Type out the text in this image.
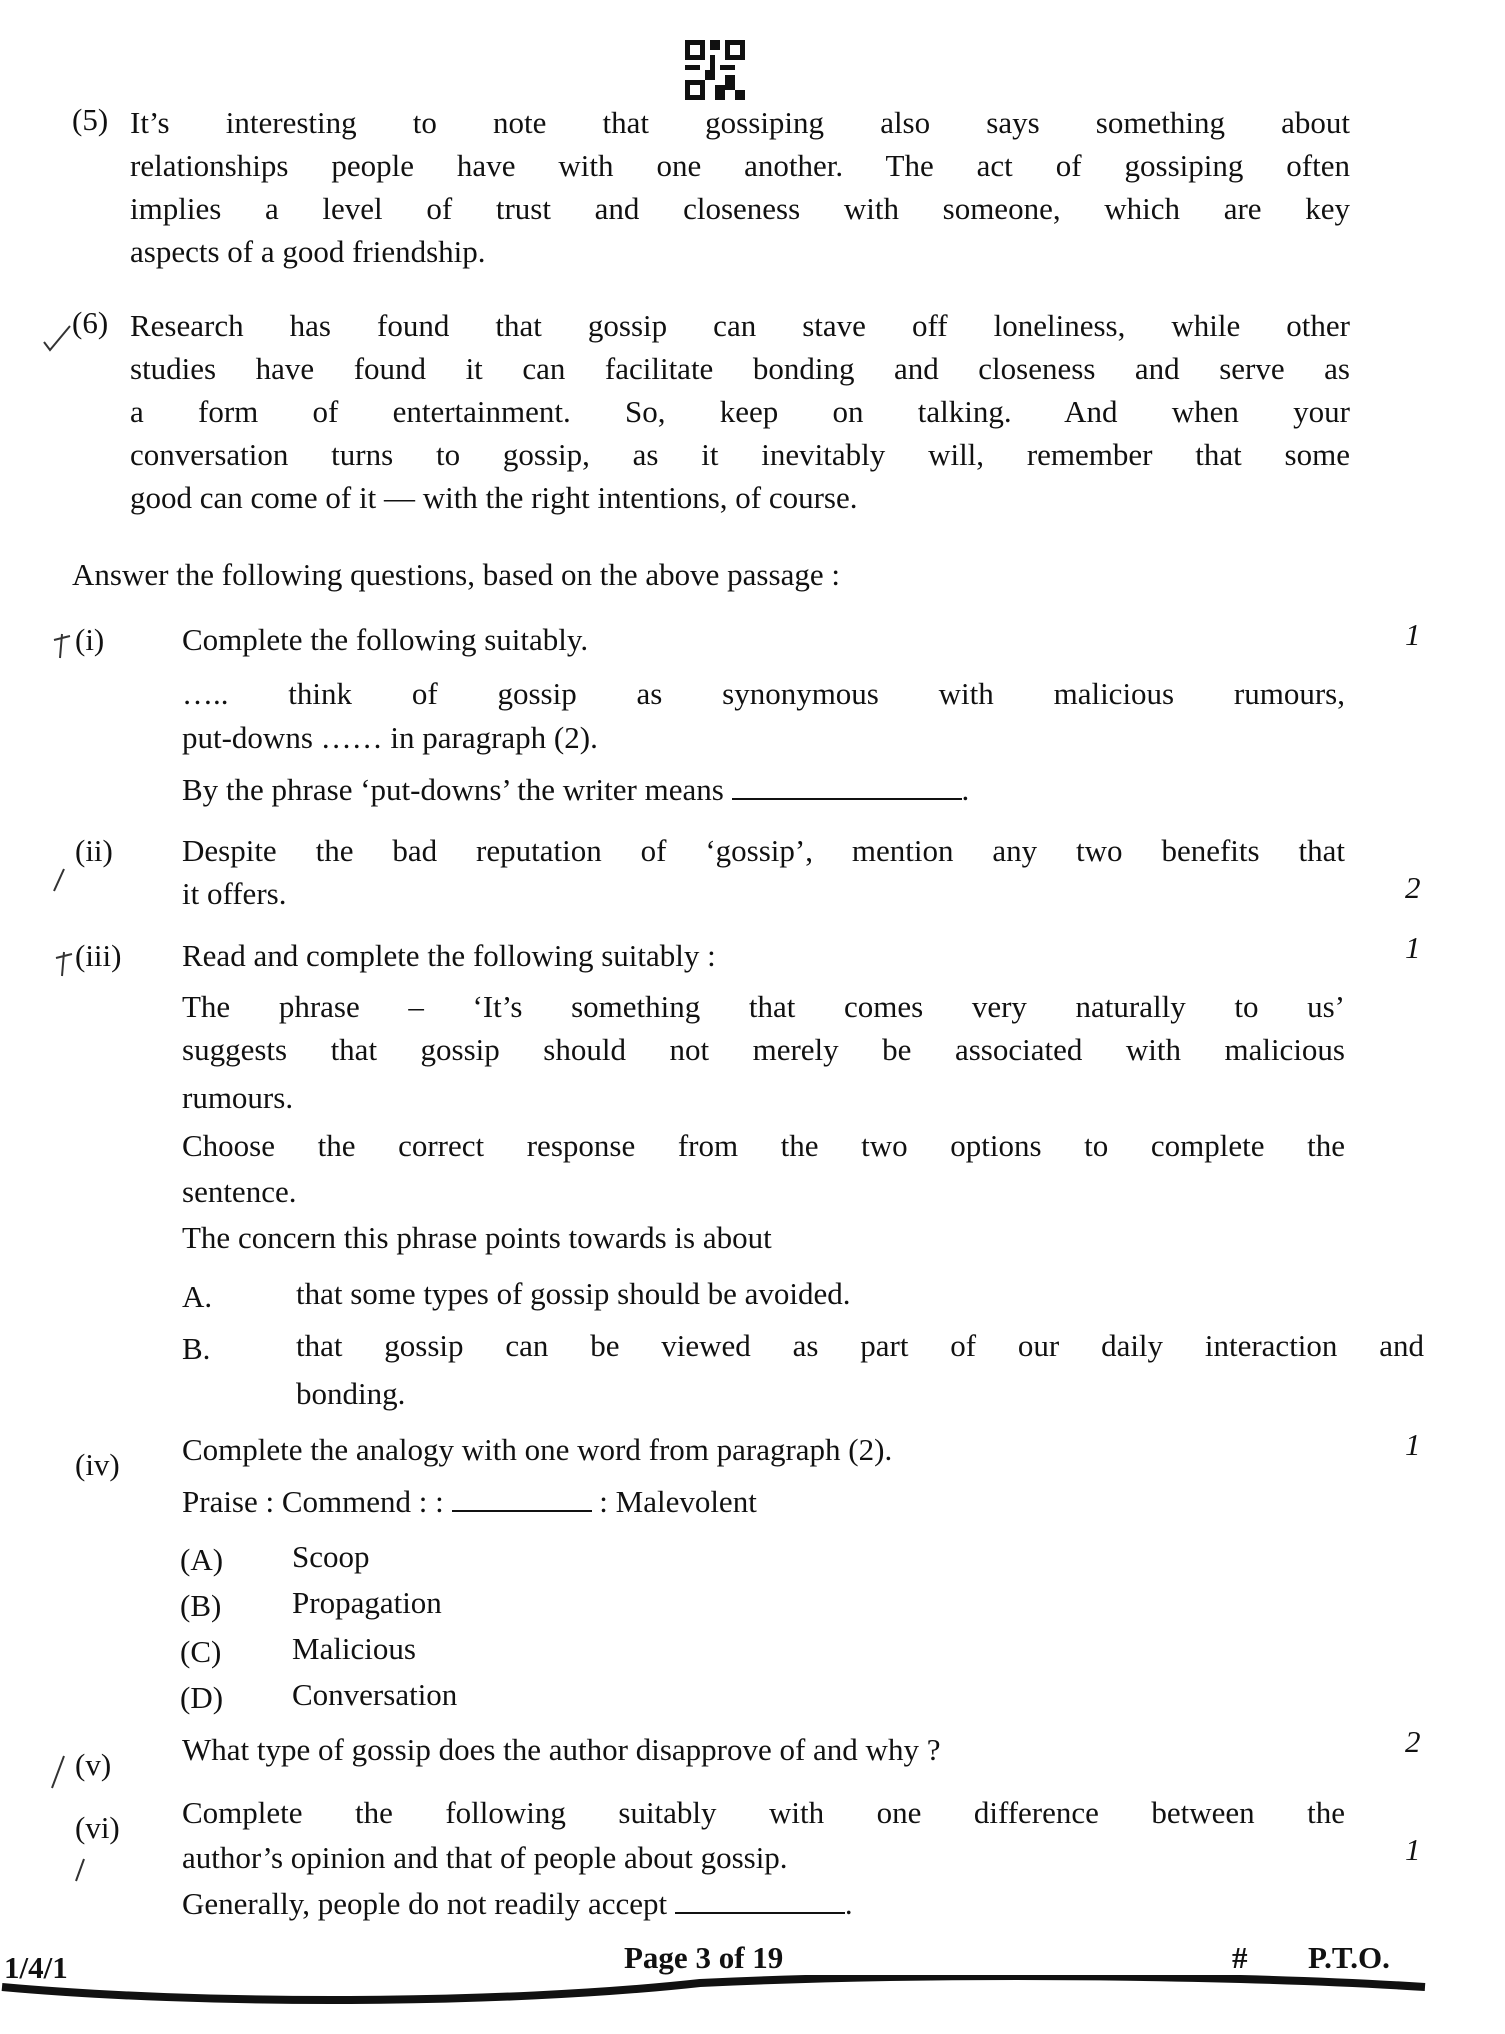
(5) It’s interesting to note that gossiping also says something about
relationships people have with one another. The act of gossiping often
implies a level of trust and closeness with someone, which are key
aspects of a good friendship.
(6) Research has found that gossip can stave off loneliness, while other
studies have found it can facilitate bonding and closeness and serve as
a form of entertainment. So, keep on talking. And when your
conversation turns to gossip, as it inevitably will, remember that some
good can come of it — with the right intentions, of course.
Answer the following questions, based on the above passage :
(i)	Complete the following suitably.	1
….. think of gossip as synonymous with malicious rumours,
put-downs …… in paragraph (2).
By the phrase ‘put-downs’ the writer means	.
(ii) Despite the bad reputation of ‘gossip’, mention any two benefits that
it offers.	2
(iii) Read and complete the following suitably :	1
The phrase – ‘It’s something that comes very naturally to us’
suggests that gossip should not merely be associated with malicious
rumours.
Choose the correct response from the two options to complete the
sentence.
The concern this phrase points towards is about
A.	that some types of gossip should be avoided.
B.	that gossip can be viewed as part of our daily interaction and
bonding.
(iv) Complete the analogy with one word from paragraph (2).	1
Praise : Commend : :	: Malevolent
(A) Scoop
(B) Propagation
(C) Malicious
(D) Conversation
(v) What type of gossip does the author disapprove of and why ?	2
(vi) Complete the following suitably with one difference between the
author’s opinion and that of people about gossip.	1
Generally, people do not readily accept	.
1/4/1	Page 3 of 19	# P.T.O.
